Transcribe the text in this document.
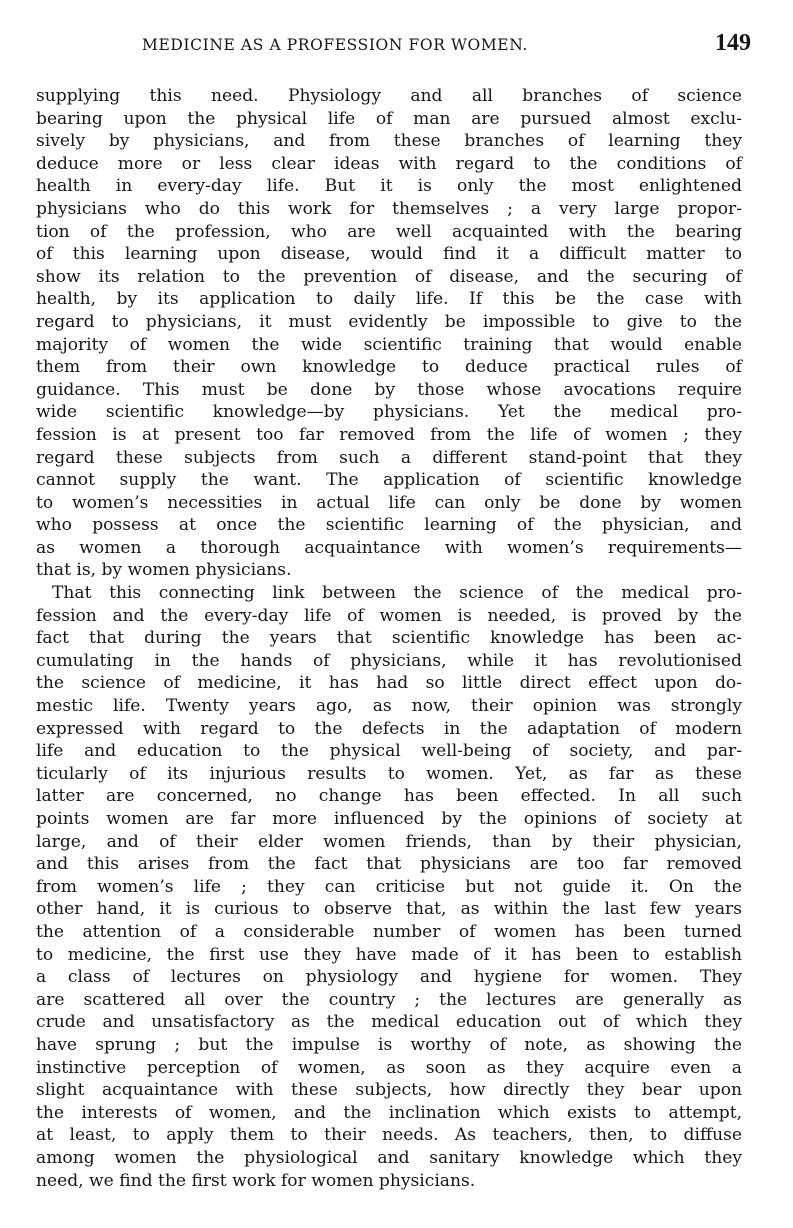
MEDICINE AS A PROFESSION FOR WOMEN.	149
supplying this need. Physiology and all branches of science
bearing upon the physical life of man are pursued almost exclu-
sively by physicians, and from these branches of learning they
deduce more or less clear ideas with regard to the conditions of
health in every-day life. But it is only the most enlightened
physicians who do this work for themselves ; a very large propor-
tion of the profession, who are well acquainted with the bearing
of this learning upon disease, would find it a difficult matter to
show its relation to the prevention of disease, and the securing of
health, by its application to daily life. If this be the case with
regard to physicians, it must evidently be impossible to give to the
majority of women the wide scientific training that would enable
them from their own knowledge to deduce practical rules of
guidance. This must be done by those whose avocations require
wide scientific knowledge—by physicians. Yet the medical pro-
fession is at present too far removed from the life of women ; they
regard these subjects from such a different stand-point that they
cannot supply the want. The application of scientific knowledge
to women’s necessities in actual life can only be done by women
who possess at once the scientific learning of the physician, and
as women a thorough acquaintance with women’s requirements—
that is, by women physicians.
That this connecting link between the science of the medical pro-
fession and the every-day life of women is needed, is proved by the
fact that during the years that scientific knowledge has been ac-
cumulating in the hands of physicians, while it has revolutionised
the science of medicine, it has had so little direct effect upon do-
mestic life. Twenty years ago, as now, their opinion was strongly
expressed with regard to the defects in the adaptation of modern
life and education to the physical well-being of society, and par-
ticularly of its injurious results to women. Yet, as far as these
latter are concerned, no change has been effected. In all such
points women are far more influenced by the opinions of society at
large, and of their elder women friends, than by their physician,
and this arises from the fact that physicians are too far removed
from women’s life ; they can criticise but not guide it. On the
other hand, it is curious to observe that, as within the last few years
the attention of a considerable number of women has been turned
to medicine, the first use they have made of it has been to establish
a class of lectures on physiology and hygiene for women. They
are scattered all over the country ; the lectures are generally as
crude and unsatisfactory as the medical education out of which they
have sprung ; but the impulse is worthy of note, as showing the
instinctive perception of women, as soon as they acquire even a
slight acquaintance with these subjects, how directly they bear upon
the interests of women, and the inclination which exists to attempt,
at least, to apply them to their needs. As teachers, then, to diffuse
among women the physiological and sanitary knowledge which they
need, we find the first work for women physicians.
